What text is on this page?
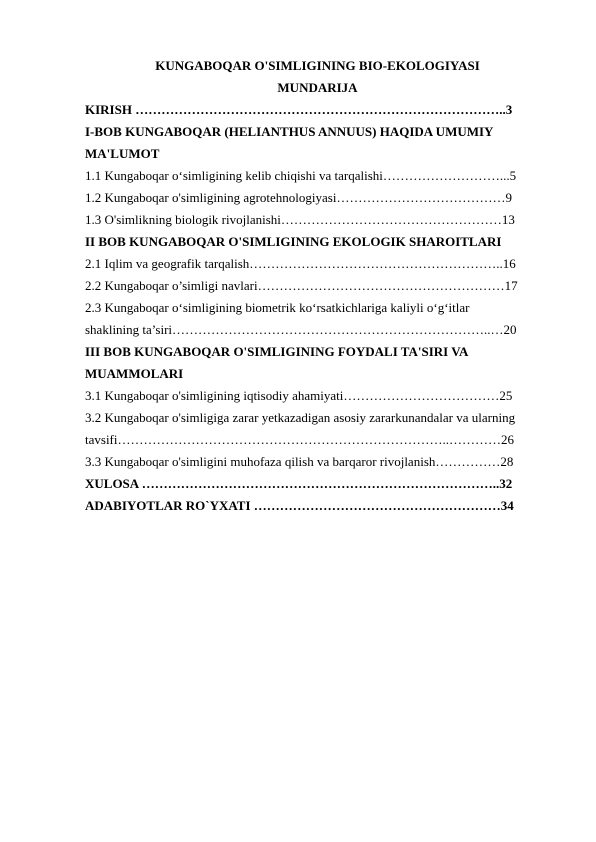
KUNGABOQAR O'SIMLIGINING BIO-EKOLOGIYASI
MUNDARIJA
KIRISH …………………………………………………………………………..3
I-BOB KUNGABOQAR (HELIANTHUS ANNUUS) HAQIDA UMUMIY
MA'LUMOT
1.1 Kungaboqar o‘simligining kelib chiqishi va tarqalishi………………………...5
1.2 Kungaboqar o'simligining agrotehnologiyasi…………………………………9
1.3 O'simlikning biologik rivojlanishi……………………………………………13
II BOB KUNGABOQAR O'SIMLIGINING EKOLOGIK SHAROITLARI
2.1 Iqlim va geografik tarqalish…………………………………………………..16
2.2 Kungaboqar o’simligi navlari…………………………………………………17
2.3 Kungaboqar o‘simligining biometrik ko‘rsatkichlariga kaliyli o‘g‘itlar
shaklining ta’siri………………………………………………………………..…20
III BOB KUNGABOQAR O'SIMLIGINING FOYDALI TA'SIRI VA
MUAMMOLARI
3.1 Kungaboqar o'simligining iqtisodiy ahamiyati………………………………25
3.2 Kungaboqar o'simligiga zarar yetkazadigan asosiy zararkunandalar va ularning
tavsifi…………………………………………………………………..…………26
3.3 Kungaboqar o'simligini muhofaza qilish va barqaror rivojlanish……………28
XULOSA ………………………………………………………………………..32
ADABIYOTLAR RO`YXATI …………………………………………………34
